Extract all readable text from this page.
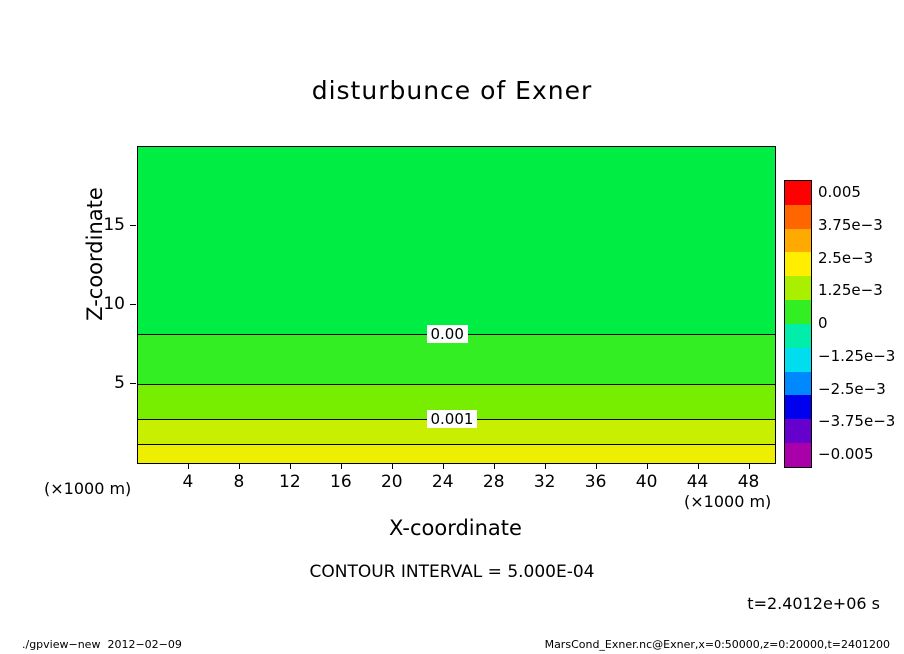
disturbunce of Exner
0.00
0.001
Z-coordinate
X-coordinate
(×1000 m)
(×1000 m)
CONTOUR INTERVAL = 5.000E-04
t=2.4012e+06 s
./gpview−new  2012−02−09	MarsCond_Exner.nc@Exner,x=0:50000,z=0:20000,t=2401200
4 8 12 16 20 24 28 32 36 40 44 48
5
10
15
0.005
3.75e−3
2.5e−3
1.25e−3
0
−1.25e−3
−2.5e−3
−3.75e−3
−0.005
